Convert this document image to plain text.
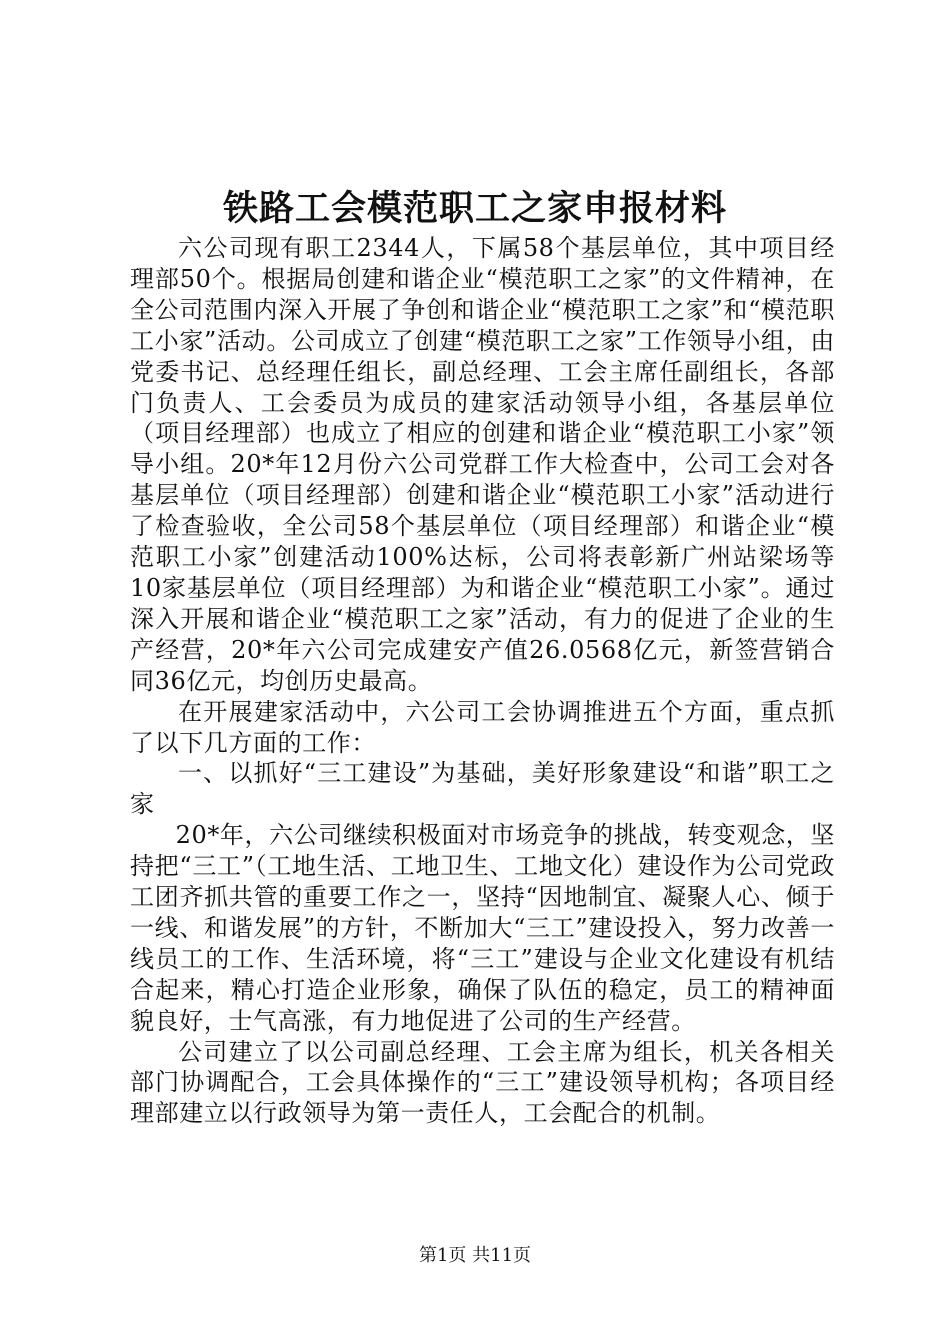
铁路工会模范职工之家申报材料

六公司现有职工2344人，下属58个基层单位，其中项目经理部50个。根据局创建和谐企业“模范职工之家”的文件精神，在全公司范围内深入开展了争创和谐企业“模范职工之家”和“模范职工小家”活动。公司成立了创建“模范职工之家”工作领导小组，由党委书记、总经理任组长，副总经理、工会主席任副组长，各部门负责人、工会委员为成员的建家活动领导小组，各基层单位（项目经理部）也成立了相应的创建和谐企业“模范职工小家”领导小组。20*年12月份六公司党群工作大检查中，公司工会对各基层单位（项目经理部）创建和谐企业“模范职工小家”活动进行了检查验收，全公司58个基层单位（项目经理部）和谐企业“模范职工小家”创建活动100%达标，公司将表彰新广州站梁场等10家基层单位（项目经理部）为和谐企业“模范职工小家”。通过深入开展和谐企业“模范职工之家”活动，有力的促进了企业的生产经营，20*年六公司完成建安产值26.0568亿元，新签营销合同36亿元，均创历史最高。

在开展建家活动中，六公司工会协调推进五个方面，重点抓了以下几方面的工作：

一、以抓好“三工建设”为基础，美好形象建设“和谐”职工之家

20*年，六公司继续积极面对市场竞争的挑战，转变观念，坚持把“三工”（工地生活、工地卫生、工地文化）建设作为公司党政工团齐抓共管的重要工作之一，坚持“因地制宜、凝聚人心、倾于一线、和谐发展”的方针，不断加大“三工”建设投入，努力改善一线员工的工作、生活环境，将“三工”建设与企业文化建设有机结合起来，精心打造企业形象，确保了队伍的稳定，员工的精神面貌良好，士气高涨，有力地促进了公司的生产经营。

公司建立了以公司副总经理、工会主席为组长，机关各相关部门协调配合，工会具体操作的“三工”建设领导机构；各项目经理部建立以行政领导为第一责任人，工会配合的机制。

第1页 共11页
